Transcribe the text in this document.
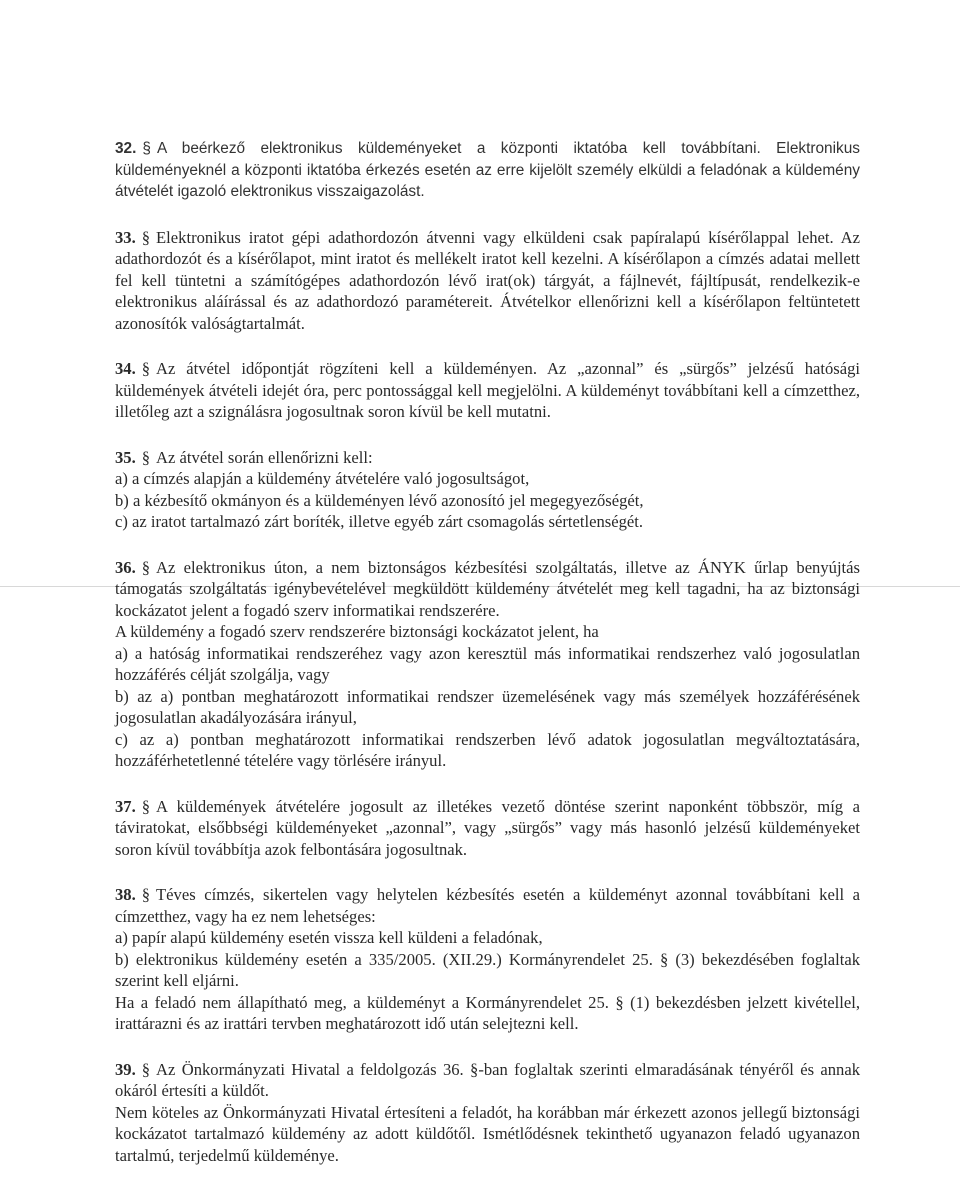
32. § A beérkező elektronikus küldeményeket a központi iktatóba kell továbbítani. Elektronikus küldeményeknél a központi iktatóba érkezés esetén az erre kijelölt személy elküldi a feladónak a küldemény átvételét igazoló elektronikus visszaigazolást.

33. § Elektronikus iratot gépi adathordozón átvenni vagy elküldeni csak papíralapú kísérőlappal lehet. Az adathordozót és a kísérőlapot, mint iratot és mellékelt iratot kell kezelni. A kísérőlapon a címzés adatai mellett fel kell tüntetni a számítógépes adathordozón lévő irat(ok) tárgyát, a fájlnevét, fájltípusát, rendelkezik-e elektronikus aláírással és az adathordozó paramétereit. Átvételkor ellenőrizni kell a kísérőlapon feltüntetett azonosítók valóságtartalmát.

34. § Az átvétel időpontját rögzíteni kell a küldeményen. Az „azonnal” és „sürgős” jelzésű hatósági küldemények átvételi idejét óra, perc pontossággal kell megjelölni. A küldeményt továbbítani kell a címzetthez, illetőleg azt a szignálásra jogosultnak soron kívül be kell mutatni.

35. § Az átvétel során ellenőrizni kell:

a) a címzés alapján a küldemény átvételére való jogosultságot,

b) a kézbesítő okmányon és a küldeményen lévő azonosító jel megegyezőségét,

c) az iratot tartalmazó zárt boríték, illetve egyéb zárt csomagolás sértetlenségét.

36. § Az elektronikus úton, a nem biztonságos kézbesítési szolgáltatás, illetve az ÁNYK űrlap benyújtás támogatás szolgáltatás igénybevételével megküldött küldemény átvételét meg kell tagadni, ha az biztonsági kockázatot jelent a fogadó szerv informatikai rendszerére.

A küldemény a fogadó szerv rendszerére biztonsági kockázatot jelent, ha

a) a hatóság informatikai rendszeréhez vagy azon keresztül más informatikai rendszerhez való jogosulatlan hozzáférés célját szolgálja, vagy

b) az a) pontban meghatározott informatikai rendszer üzemelésének vagy más személyek hozzáférésének jogosulatlan akadályozására irányul,

c) az a) pontban meghatározott informatikai rendszerben lévő adatok jogosulatlan megváltoztatására, hozzáférhetetlenné tételére vagy törlésére irányul.

37. § A küldemények átvételére jogosult az illetékes vezető döntése szerint naponként többször, míg a táviratokat, elsőbbségi küldeményeket „azonnal”, vagy „sürgős” vagy más hasonló jelzésű küldeményeket soron kívül továbbítja azok felbontására jogosultnak.

38. § Téves címzés, sikertelen vagy helytelen kézbesítés esetén a küldeményt azonnal továbbítani kell a címzetthez, vagy ha ez nem lehetséges:

a) papír alapú küldemény esetén vissza kell küldeni a feladónak,

b) elektronikus küldemény esetén a 335/2005. (XII.29.) Kormányrendelet 25. § (3) bekezdésében foglaltak szerint kell eljárni.

Ha a feladó nem állapítható meg, a küldeményt a Kormányrendelet 25. § (1) bekezdésben jelzett kivétellel, irattárazni és az irattári tervben meghatározott idő után selejtezni kell.

39. § Az Önkormányzati Hivatal a feldolgozás 36. §-ban foglaltak szerinti elmaradásának tényéről és annak okáról értesíti a küldőt.

Nem köteles az Önkormányzati Hivatal értesíteni a feladót, ha korábban már érkezett azonos jellegű biztonsági kockázatot tartalmazó küldemény az adott küldőtől. Ismétlődésnek tekinthető ugyanazon feladó ugyanazon tartalmú, terjedelmű küldeménye.
